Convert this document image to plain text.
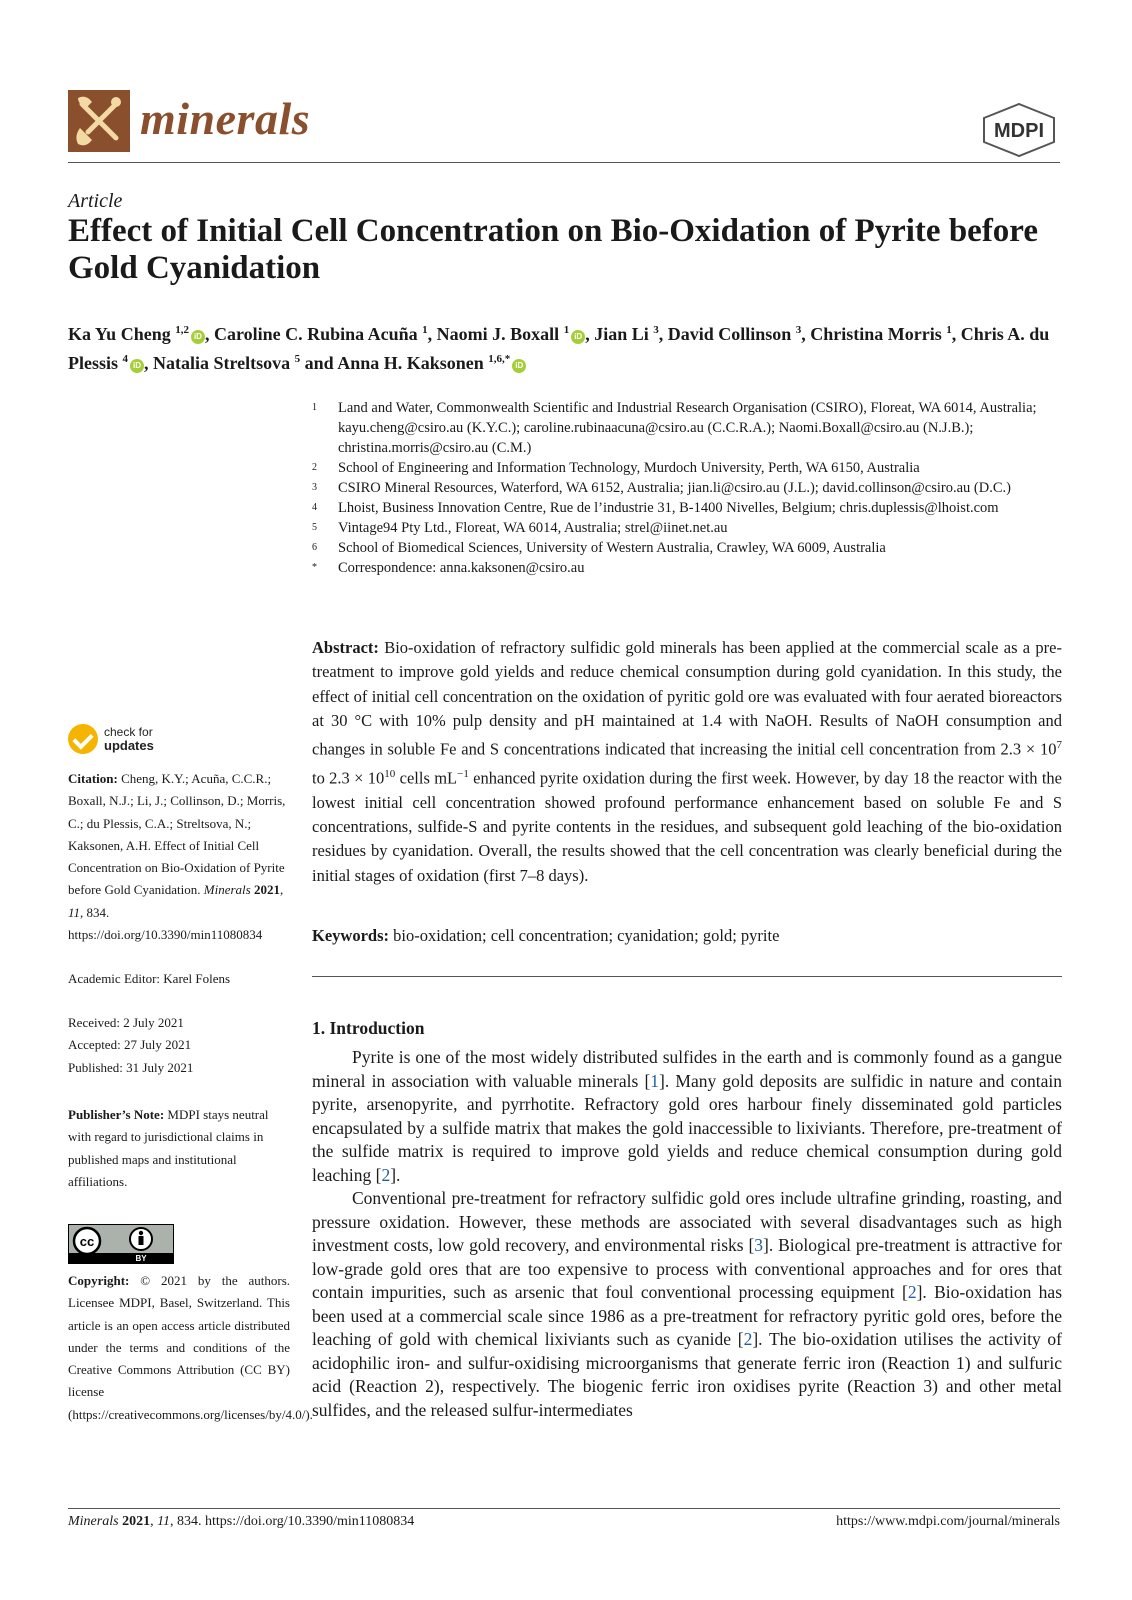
minerals	MDPI
Article
Effect of Initial Cell Concentration on Bio-Oxidation of Pyrite before Gold Cyanidation
Ka Yu Cheng $^{1,2}$iD , Caroline C. Rubina Acuña $^1$, Naomi J. Boxall $^1$iD , Jian Li $^3$, David Collinson $^3$, Christina Morris $^1$, Chris A. du Plessis $^4$iD , Natalia Streltsova $^5$ and Anna H. Kaksonen $^{1,6,*}$iD
1	Land and Water, Commonwealth Scientific and Industrial Research Organisation (CSIRO), Floreat, WA 6014, Australia; kayu.cheng@csiro.au (K.Y.C.); caroline.rubinaacuna@csiro.au (C.C.R.A.); Naomi.Boxall@csiro.au (N.J.B.); christina.morris@csiro.au (C.M.)
2	School of Engineering and Information Technology, Murdoch University, Perth, WA 6150, Australia
3	CSIRO Mineral Resources, Waterford, WA 6152, Australia; jian.li@csiro.au (J.L.); david.collinson@csiro.au (D.C.)
4	Lhoist, Business Innovation Centre, Rue de l’industrie 31, B-1400 Nivelles, Belgium; chris.duplessis@lhoist.com
5	Vintage94 Pty Ltd., Floreat, WA 6014, Australia; strel@iinet.net.au
6	School of Biomedical Sciences, University of Western Australia, Crawley, WA 6009, Australia
*	Correspondence: anna.kaksonen@csiro.au
Abstract: Bio-oxidation of refractory sulfidic gold minerals has been applied at the commercial scale as a pre-treatment to improve gold yields and reduce chemical consumption during gold cyanidation. In this study, the effect of initial cell concentration on the oxidation of pyritic gold ore was evaluated with four aerated bioreactors at 30 °C with 10% pulp density and pH maintained at 1.4 with NaOH. Results of NaOH consumption and changes in soluble Fe and S concentrations indicated that increasing the initial cell concentration from $2.3 \times 10^7$ to $2.3 \times 10^{10}$ cells $mL^{-1}$ enhanced pyrite oxidation during the first week. However, by day 18 the reactor with the lowest initial cell concentration showed profound performance enhancement based on soluble Fe and S concentrations, sulfide-S and pyrite contents in the residues, and subsequent gold leaching of the bio-oxidation residues by cyanidation. Overall, the results showed that the cell concentration was clearly beneficial during the initial stages of oxidation (first 7–8 days).
Keywords: bio-oxidation; cell concentration; cyanidation; gold; pyrite
check for
updates
Citation: Cheng, K.Y.; Acuña, C.C.R.; Boxall, N.J.; Li, J.; Collinson, D.; Morris, C.; du Plessis, C.A.; Streltsova, N.; Kaksonen, A.H. Effect of Initial Cell Concentration on Bio-Oxidation of Pyrite before Gold Cyanidation. Minerals 2021, 11, 834.
https://doi.org/10.3390/min11080834
Academic Editor: Karel Folens
Received: 2 July 2021
Accepted: 27 July 2021
Published: 31 July 2021
Publisher’s Note: MDPI stays neutral with regard to jurisdictional claims in published maps and institutional affiliations.
cc
BY
Copyright: © 2021 by the authors. Licensee MDPI, Basel, Switzerland. This article is an open access article distributed under the terms and conditions of the Creative Commons Attribution (CC BY) license (https://creativecommons.org/licenses/by/4.0/).
1. Introduction

Pyrite is one of the most widely distributed sulfides in the earth and is commonly found as a gangue mineral in association with valuable minerals [1]. Many gold deposits are sulfidic in nature and contain pyrite, arsenopyrite, and pyrrhotite. Refractory gold ores harbour finely disseminated gold particles encapsulated by a sulfide matrix that makes the gold inaccessible to lixiviants. Therefore, pre-treatment of the sulfide matrix is required to improve gold yields and reduce chemical consumption during gold leaching [2].

Conventional pre-treatment for refractory sulfidic gold ores include ultrafine grinding, roasting, and pressure oxidation. However, these methods are associated with several disadvantages such as high investment costs, low gold recovery, and environmental risks [3]. Biological pre-treatment is attractive for low-grade gold ores that are too expensive to process with conventional approaches and for ores that contain impurities, such as arsenic that foul conventional processing equipment [2]. Bio-oxidation has been used at a commercial scale since 1986 as a pre-treatment for refractory pyritic gold ores, before the leaching of gold with chemical lixiviants such as cyanide [2]. The bio-oxidation utilises the activity of acidophilic iron- and sulfur-oxidising microorganisms that generate ferric iron (Reaction 1) and sulfuric acid (Reaction 2), respectively. The biogenic ferric iron oxidises pyrite (Reaction 3) and other metal sulfides, and the released sulfur-intermediates

Minerals 2021, 11, 834. https://doi.org/10.3390/min11080834	https://www.mdpi.com/journal/minerals
